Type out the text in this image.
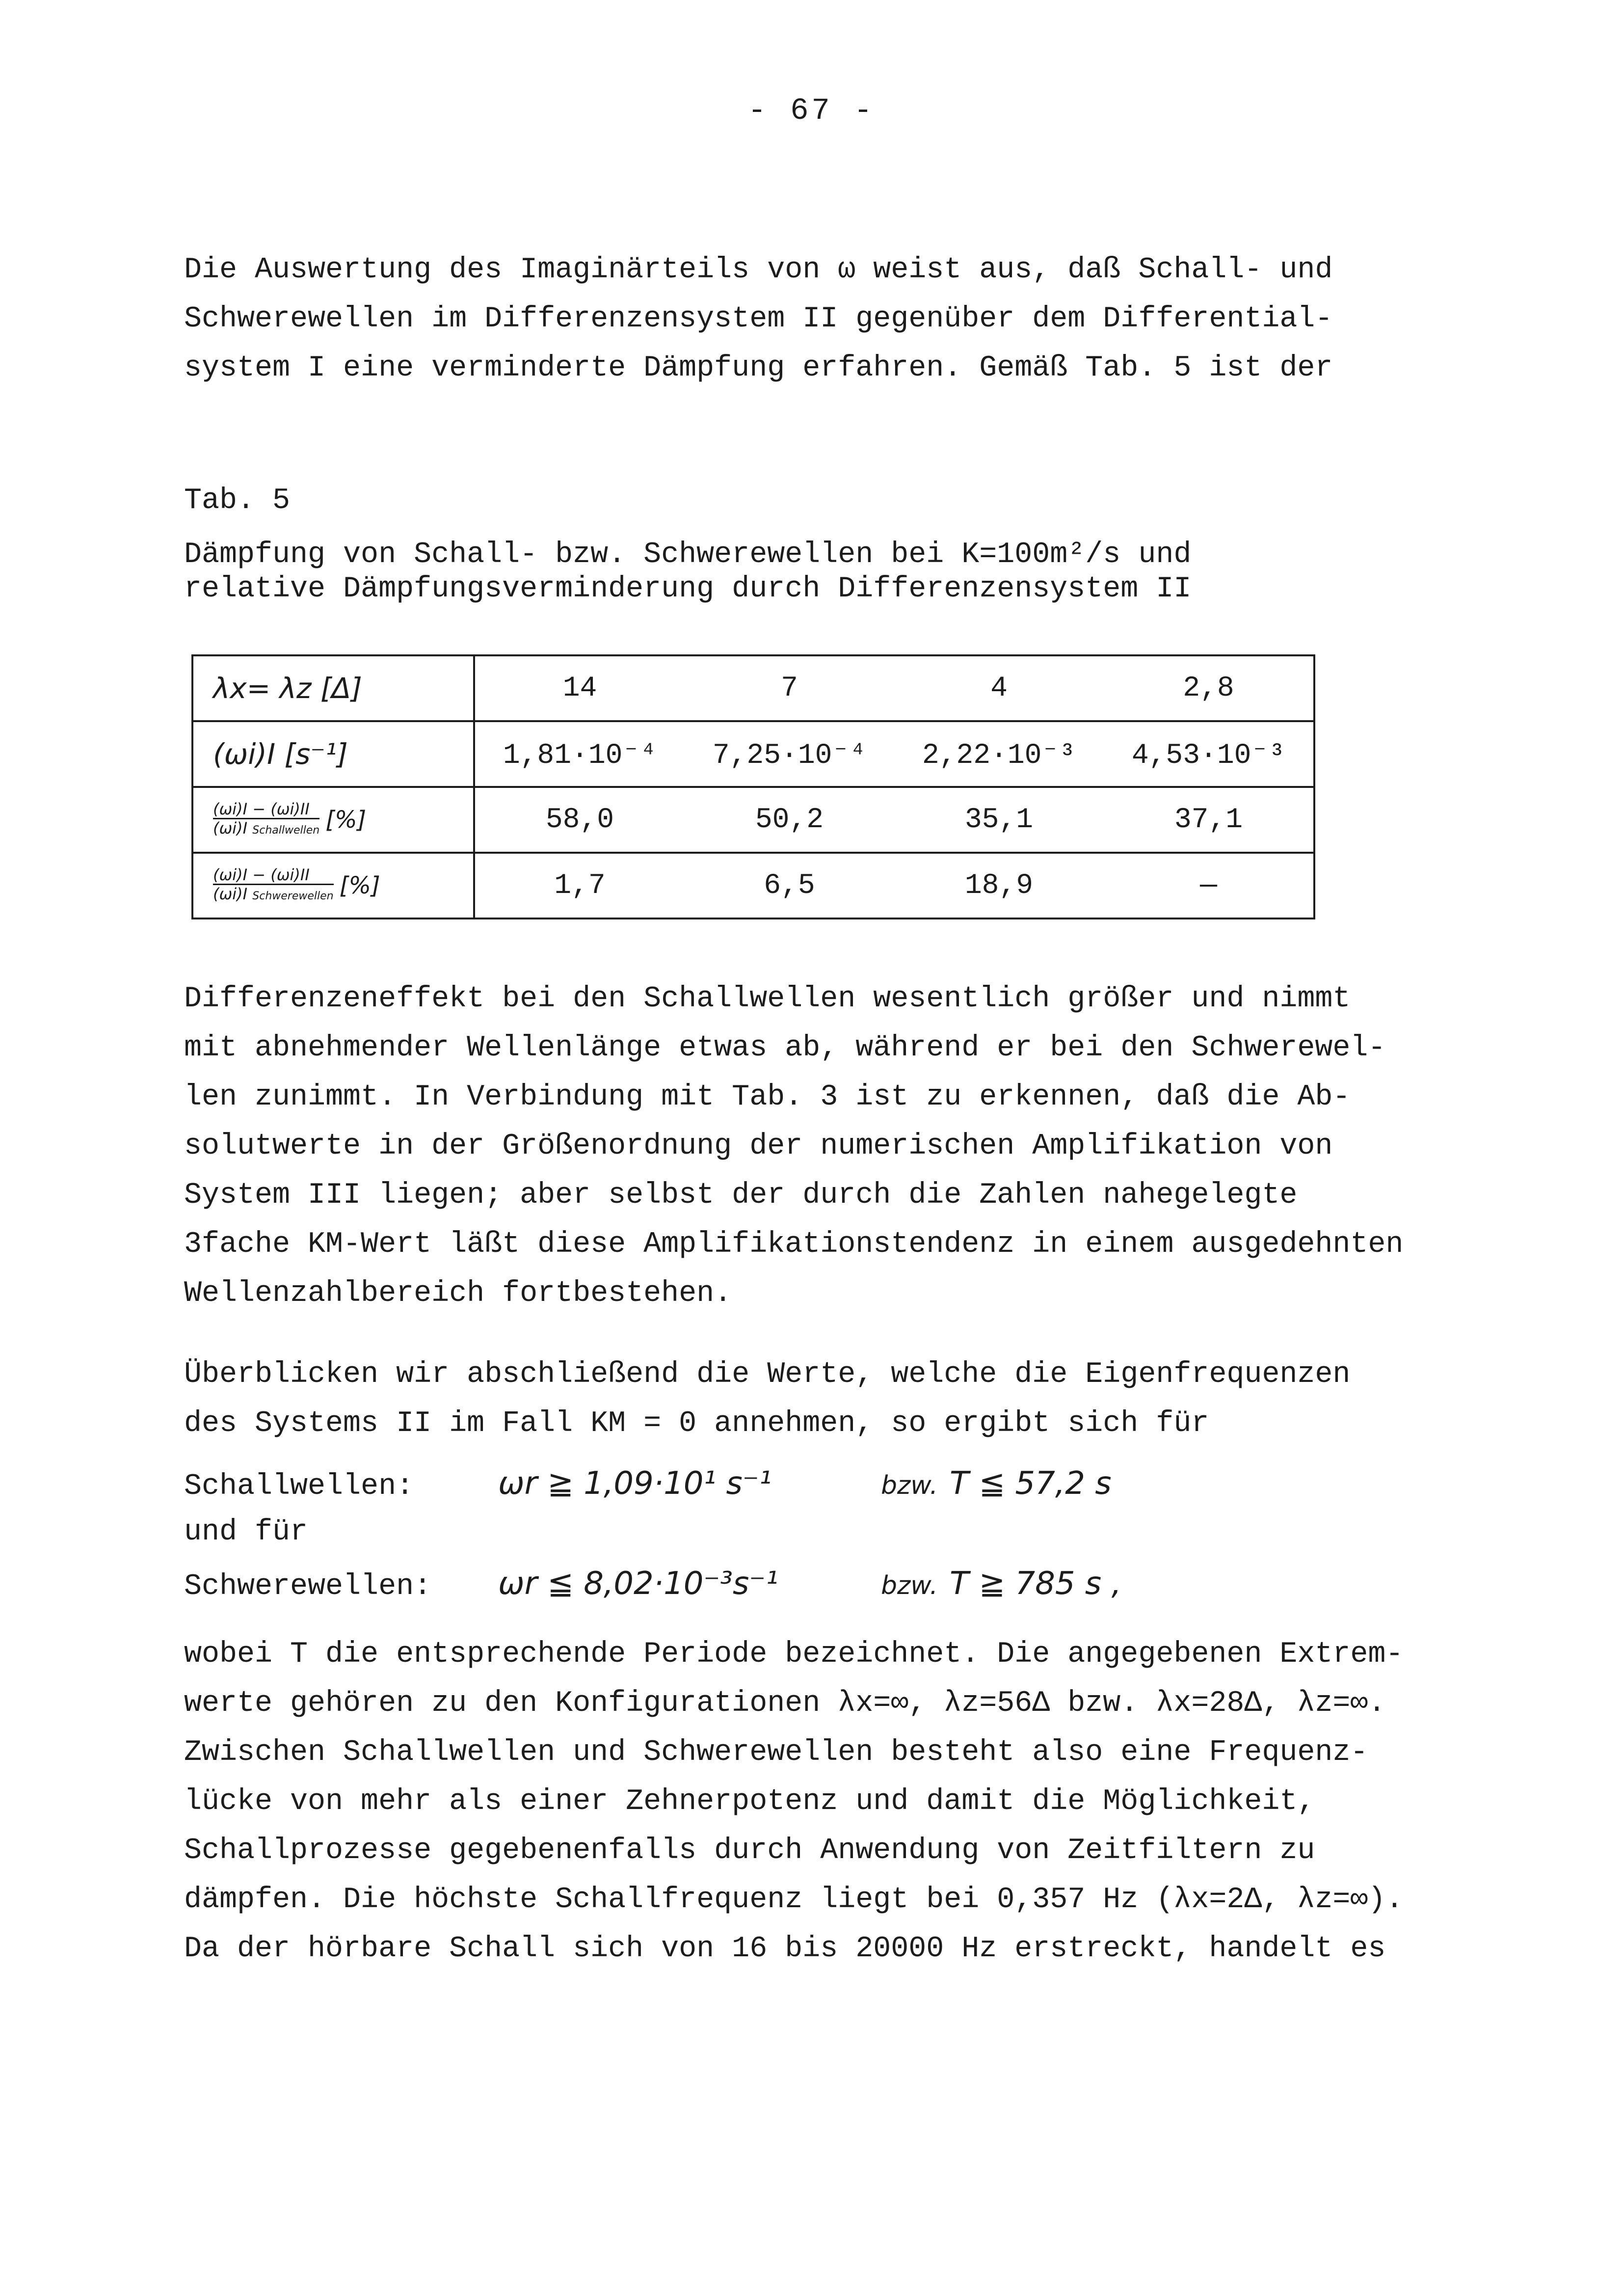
- 67 -
Die Auswertung des Imaginärteils von ω weist aus, daß Schall- und
Schwerewellen im Differenzensystem II gegenüber dem Differential-
system I eine verminderte Dämpfung erfahren. Gemäß Tab. 5 ist der
Tab. 5
Dämpfung von Schall- bzw. Schwerewellen bei K=100m²/s und
relative Dämpfungsverminderung durch Differenzensystem II
λx= λz [Δ]	14 7 4 2,8

(ωi)I [s⁻¹]	1,81·10⁻⁴ 7,25·10⁻⁴ 2,22·10⁻³ 4,53·10⁻³

$\frac{(\omega i)I - (\omega i)II}{\text{(ωi)I Schallwellen}}$ [%]	58,0 50,2 35,1 37,1

$\frac{(\omega i)I - (\omega i)II}{\text{(ωi)I Schwerewellen}}$ [%]	1,7 6,5 18,9 —
Differenzeneffekt bei den Schallwellen wesentlich größer und nimmt
mit abnehmender Wellenlänge etwas ab, während er bei den Schwerewel-
len zunimmt. In Verbindung mit Tab. 3 ist zu erkennen, daß die Ab-
solutwerte in der Größenordnung der numerischen Amplifikation von
System III liegen; aber selbst der durch die Zahlen nahegelegte
3fache KM-Wert läßt diese Amplifikationstendenz in einem ausgedehnten
Wellenzahlbereich fortbestehen.
Überblicken wir abschließend die Werte, welche die Eigenfrequenzen
des Systems II im Fall KM = 0 annehmen, so ergibt sich für
Schallwellen:	ωr ≧ 1,09·10¹ s⁻¹	bzw. T ≦ 57,2 s
und für
Schwerewellen: ωr ≦ 8,02·10⁻³s⁻¹	bzw. T ≧ 785 s ,
wobei T die entsprechende Periode bezeichnet. Die angegebenen Extrem-
werte gehören zu den Konfigurationen λx=∞, λz=56Δ bzw. λx=28Δ, λz=∞.
Zwischen Schallwellen und Schwerewellen besteht also eine Frequenz-
lücke von mehr als einer Zehnerpotenz und damit die Möglichkeit,
Schallprozesse gegebenenfalls durch Anwendung von Zeitfiltern zu
dämpfen. Die höchste Schallfrequenz liegt bei 0,357 Hz (λx=2Δ, λz=∞).
Da der hörbare Schall sich von 16 bis 20000 Hz erstreckt, handelt es
